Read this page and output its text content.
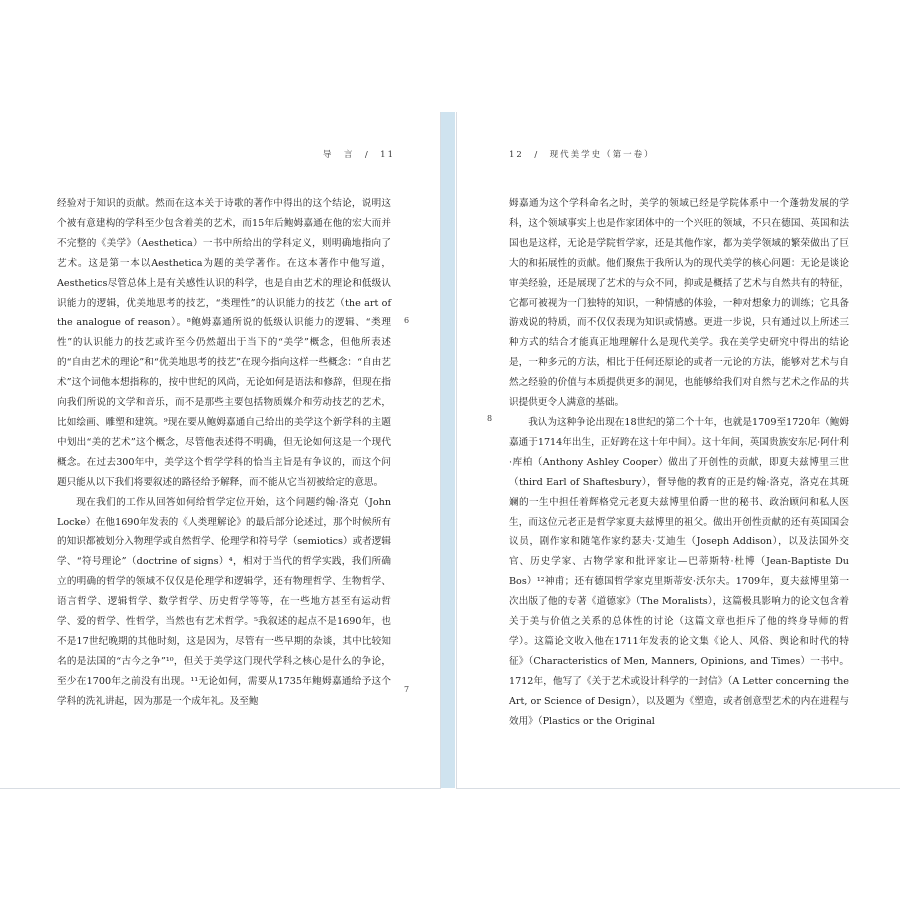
导　言　/　11

经验对于知识的贡献。然而在这本关于诗歌的著作中得出的这个结论，说明这个被有意建构的学科至少包含着美的艺术，而15年后鲍姆嘉通在他的宏大而并不完整的《美学》（Aesthetica）一书中所给出的学科定义，则明确地指向了艺术。这是第一本以Aesthetica为题的美学著作。在这本著作中他写道，Aesthetics尽管总体上是有关感性认识的科学，也是自由艺术的理论和低级认识能力的逻辑，优美地思考的技艺，“类理性”的认识能力的技艺（the art of the analogue of reason）。⁸鲍姆嘉通所说的低级认识能力的逻辑、“类理性”的认识能力的技艺或许至今仍然超出于当下的“美学”概念，但他所表述的“自由艺术的理论”和“优美地思考的技艺”在现今指向这样一些概念：“自由艺术”这个词他本想指称的，按中世纪的风尚，无论如何是语法和修辞，但现在指向我们所说的文学和音乐，而不是那些主要包括物质媒介和劳动技艺的艺术，比如绘画、雕塑和建筑。⁹现在要从鲍姆嘉通自己给出的美学这个新学科的主题中划出“美的艺术”这个概念，尽管他表述得不明确，但无论如何这是一个现代概念。在过去300年中，美学这个哲学学科的恰当主旨是有争议的，而这个问题只能从以下我们将要叙述的路径给予解释，而不能从它当初被给定的意思。

现在我们的工作从回答如何给哲学定位开始，这个问题约翰·洛克（John Locke）在他1690年发表的《人类理解论》的最后部分论述过，那个时候所有的知识都被划分入物理学或自然哲学、伦理学和符号学（semiotics）或者逻辑学、“符号理论”（doctrine of signs）⁴，相对于当代的哲学实践，我们所确立的明确的哲学的领域不仅仅是伦理学和逻辑学，还有物理哲学、生物哲学、语言哲学、逻辑哲学、数学哲学、历史哲学等等，在一些地方甚至有运动哲学、爱的哲学、性哲学，当然也有艺术哲学。⁵我叙述的起点不是1690年，也不是17世纪晚期的其他时刻，这是因为，尽管有一些早期的杂谈，其中比较知名的是法国的“古今之争”¹⁰，但关于美学这门现代学科之核心是什么的争论，至少在1700年之前没有出现。¹¹无论如何，需要从1735年鲍姆嘉通给予这个学科的洗礼讲起，因为那是一个成年礼。及至鲍

6
7
12　/　现代美学史（第一卷）

姆嘉通为这个学科命名之时，美学的领域已经是学院体系中一个蓬勃发展的学科，这个领域事实上也是作家团体中的一个兴旺的领域，不只在德国、英国和法国也是这样，无论是学院哲学家，还是其他作家，都为美学领域的繁荣做出了巨大的和拓展性的贡献。他们聚焦于我所认为的现代美学的核心问题：无论是谈论审美经验，还是展现了艺术的与众不同，抑或是概括了艺术与自然共有的特征，它都可被视为一门独特的知识，一种情感的体验，一种对想象力的训练；它具备游戏说的特质，而不仅仅表现为知识或情感。更进一步说，只有通过以上所述三种方式的结合才能真正地理解什么是现代美学。我在美学史研究中得出的结论是，一种多元的方法，相比于任何还原论的或者一元论的方法，能够对艺术与自然之经验的价值与本质提供更多的洞见，也能够给我们对自然与艺术之作品的共识提供更令人满意的基础。

我认为这种争论出现在18世纪的第二个十年，也就是1709至1720年（鲍姆嘉通于1714年出生，正好跨在这十年中间）。这十年间，英国贵族安东尼·阿什利·库柏（Anthony Ashley Cooper）做出了开创性的贡献，即夏夫兹博里三世（third Earl of Shaftesbury），督导他的教育的正是约翰·洛克，洛克在其斑斓的一生中担任着辉格党元老夏夫兹博里伯爵一世的秘书、政治顾问和私人医生，而这位元老正是哲学家夏夫兹博里的祖父。做出开创性贡献的还有英国国会议员，剧作家和随笔作家约瑟夫·艾迪生（Joseph Addison），以及法国外交官、历史学家、古物学家和批评家让—巴蒂斯特·杜博（Jean-Baptiste Du Bos）¹²神甫；还有德国哲学家克里斯蒂安·沃尔夫。1709年，夏夫兹博里第一次出版了他的专著《道德家》（The Moralists），这篇极具影响力的论文包含着关于美与价值之关系的总体性的讨论（这篇文章也拒斥了他的终身导师的哲学）。这篇论文收入他在1711年发表的论文集《论人、风俗、舆论和时代的特征》（Characteristics of Men, Manners, Opinions, and Times）一书中。1712年，他写了《关于艺术或设计科学的一封信》（A Letter concerning the Art, or Science of Design），以及题为《塑造，或者创意型艺术的内在进程与效用》（Plastics or the Original

8
